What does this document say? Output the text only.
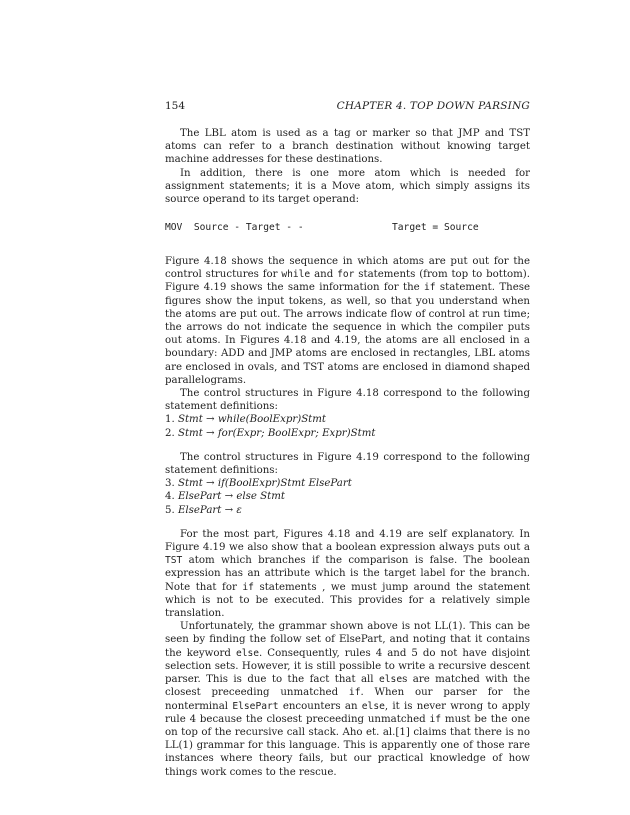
154	CHAPTER 4. TOP DOWN PARSING

The LBL atom is used as a tag or marker so that JMP and TST atoms can refer to a branch destination without knowing target machine addresses for these destinations.

In addition, there is one more atom which is needed for assignment statements; it is a Move atom, which simply assigns its source operand to its target operand:

MOV  Source - Target - -	Target = Source

Figure 4.18 shows the sequence in which atoms are put out for the control structures for while and for statements (from top to bottom). Figure 4.19 shows the same information for the if statement. These figures show the input tokens, as well, so that you understand when the atoms are put out. The arrows indicate flow of control at run time; the arrows do not indicate the sequence in which the compiler puts out atoms. In Figures 4.18 and 4.19, the atoms are all enclosed in a boundary: ADD and JMP atoms are enclosed in rectangles, LBL atoms are enclosed in ovals, and TST atoms are enclosed in diamond shaped parallelograms.

The control structures in Figure 4.18 correspond to the following statement definitions:

1. Stmt → while(BoolExpr)Stmt

2. Stmt → for(Expr; BoolExpr; Expr)Stmt

The control structures in Figure 4.19 correspond to the following statement definitions:

3. Stmt → if(BoolExpr)Stmt ElsePart

4. ElsePart → else Stmt

5. ElsePart → ε

For the most part, Figures 4.18 and 4.19 are self explanatory. In Figure 4.19 we also show that a boolean expression always puts out a TST atom which branches if the comparison is false. The boolean expression has an attribute which is the target label for the branch. Note that for if statements , we must jump around the statement which is not to be executed. This provides for a relatively simple translation.

Unfortunately, the grammar shown above is not LL(1). This can be seen by finding the follow set of ElsePart, and noting that it contains the keyword else. Consequently, rules 4 and 5 do not have disjoint selection sets. However, it is still possible to write a recursive descent parser. This is due to the fact that all elses are matched with the closest preceeding unmatched if. When our parser for the nonterminal ElsePart encounters an else, it is never wrong to apply rule 4 because the closest preceeding unmatched if must be the one on top of the recursive call stack. Aho et. al.[1] claims that there is no LL(1) grammar for this language. This is apparently one of those rare instances where theory fails, but our practical knowledge of how things work comes to the rescue.
